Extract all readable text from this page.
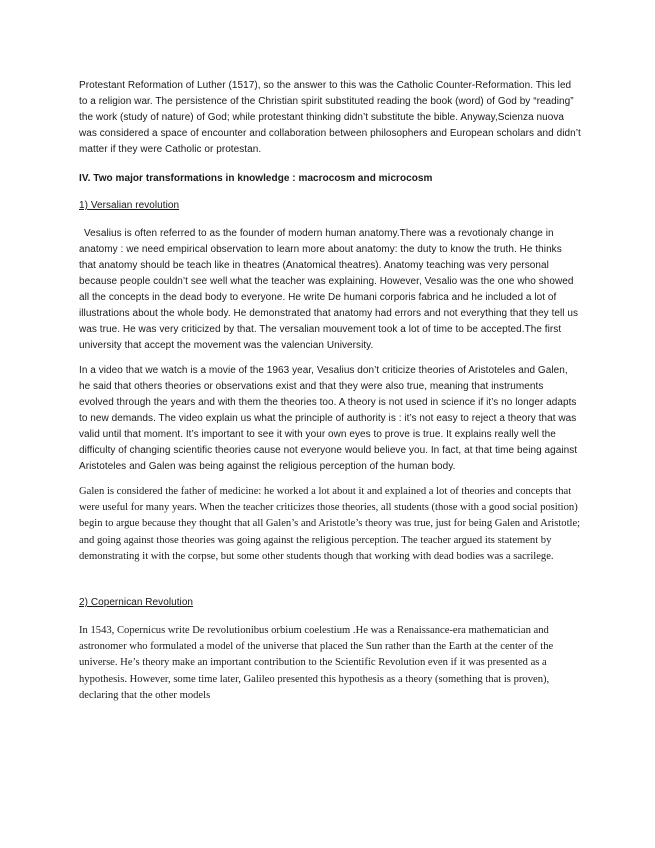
Protestant Reformation of Luther (1517), so the answer to this was the Catholic Counter-Reformation. This led to a religion war. The persistence of the Christian spirit substituted reading the book (word) of God by “reading” the work (study of nature) of God; while protestant thinking didn’t substitute the bible. Anyway,Scienza nuova was considered a space of encounter and collaboration between philosophers and European scholars and didn’t matter if they were Catholic or protestan.

IV. Two major transformations in knowledge : macrocosm and microcosm

1) Versalian revolution

Vesalius is often referred to as the founder of modern human anatomy.There was a revotionaly change in anatomy : we need empirical observation to learn more about anatomy: the duty to know the truth. He thinks that anatomy should be teach like in theatres (Anatomical theatres). Anatomy teaching was very personal because people couldn’t see well what the teacher was explaining. However, Vesalio was the one who showed all the concepts in the dead body to everyone. He write De humani corporis fabrica and he included a lot of illustrations about the whole body. He demonstrated that anatomy had errors and not everything that they tell us was true. He was very criticized by that. The versalian mouvement took a lot of time to be accepted.The first university that accept the movement was the valencian University.

In a video that we watch is a movie of the 1963 year, Vesalius don’t criticize theories of Aristoteles and Galen, he said that others theories or observations exist and that they were also true, meaning that instruments evolved through the years and with them the theories too. A theory is not used in science if it’s no longer adapts to new demands. The video explain us what the principle of authority is : it’s not easy to reject a theory that was valid until that moment. It’s important to see it with your own eyes to prove is true. It explains really well the difficulty of changing scientific theories cause not everyone would believe you. In fact, at that time being against Aristoteles and Galen was being against the religious perception of the human body.

Galen is considered the father of medicine: he worked a lot about it and explained a lot of theories and concepts that were useful for many years. When the teacher criticizes those theories, all students (those with a good social position) begin to argue because they thought that all Galen’s and Aristotle’s theory was true, just for being Galen and Aristotle; and going against those theories was going against the religious perception. The teacher argued its statement by demonstrating it with the corpse, but some other students though that working with dead bodies was a sacrilege.

2) Copernican Revolution

In 1543, Copernicus write De revolutionibus orbium coelestium .He was a Renaissance-era mathematician and astronomer who formulated a model of the universe that placed the Sun rather than the Earth at the center of the universe. He’s theory make an important contribution to the Scientific Revolution even if it was presented as a hypothesis. However, some time later, Galileo presented this hypothesis as a theory (something that is proven), declaring that the other models
